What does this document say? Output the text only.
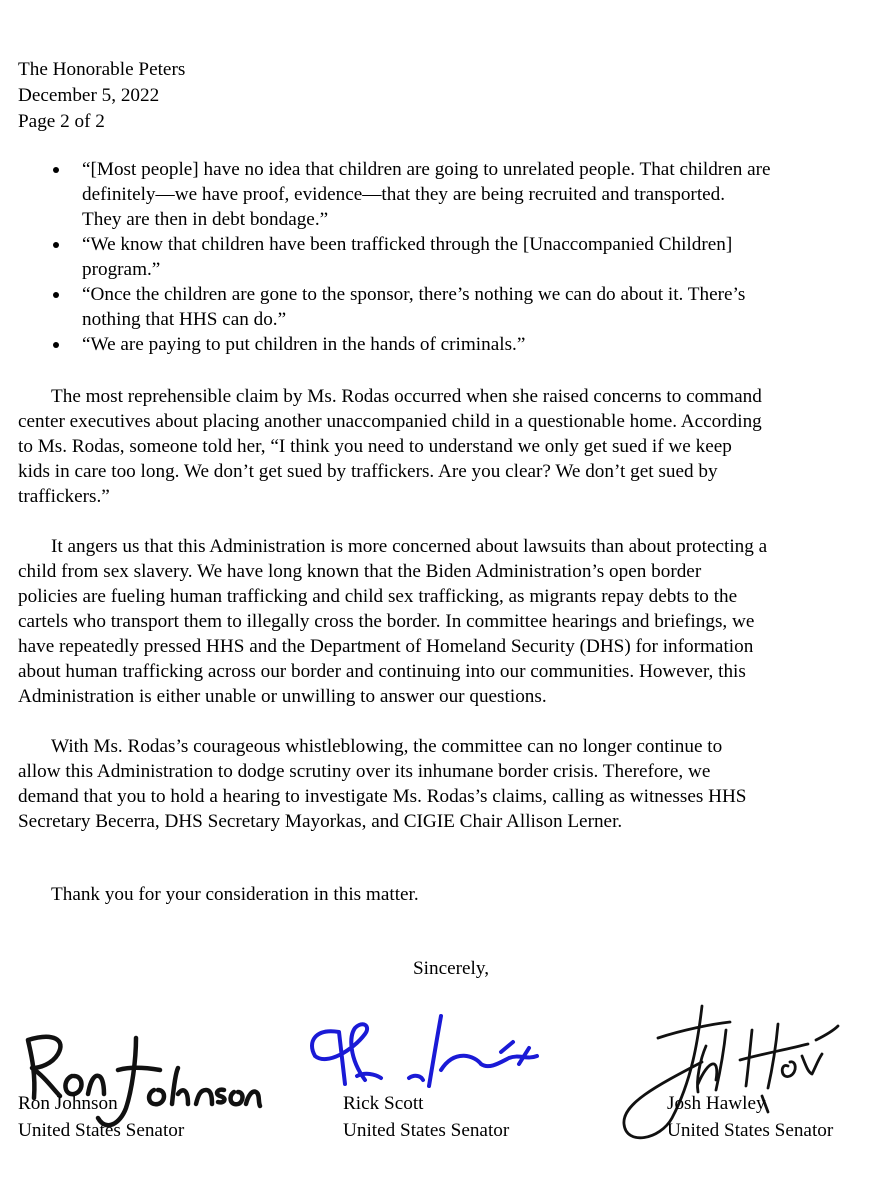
The Honorable Peters
December 5, 2022
Page 2 of 2
“[Most people] have no idea that children are going to unrelated people. That children are
definitely—we have proof, evidence—that they are being recruited and transported.
They are then in debt bondage.”
“We know that children have been trafficked through the [Unaccompanied Children]
program.”
“Once the children are gone to the sponsor, there’s nothing we can do about it. There’s
nothing that HHS can do.”
“We are paying to put children in the hands of criminals.”
The most reprehensible claim by Ms. Rodas occurred when she raised concerns to command
center executives about placing another unaccompanied child in a questionable home. According
to Ms. Rodas, someone told her, “I think you need to understand we only get sued if we keep
kids in care too long. We don’t get sued by traffickers. Are you clear? We don’t get sued by
traffickers.”
It angers us that this Administration is more concerned about lawsuits than about protecting a
child from sex slavery. We have long known that the Biden Administration’s open border
policies are fueling human trafficking and child sex trafficking, as migrants repay debts to the
cartels who transport them to illegally cross the border. In committee hearings and briefings, we
have repeatedly pressed HHS and the Department of Homeland Security (DHS) for information
about human trafficking across our border and continuing into our communities. However, this
Administration is either unable or unwilling to answer our questions.
With Ms. Rodas’s courageous whistleblowing, the committee can no longer continue to
allow this Administration to dodge scrutiny over its inhumane border crisis. Therefore, we
demand that you to hold a hearing to investigate Ms. Rodas’s claims, calling as witnesses HHS
Secretary Becerra, DHS Secretary Mayorkas, and CIGIE Chair Allison Lerner.
Thank you for your consideration in this matter.
Sincerely,
Ron Johnson
United States Senator
Rick Scott
United States Senator
Josh Hawley
United States Senator
